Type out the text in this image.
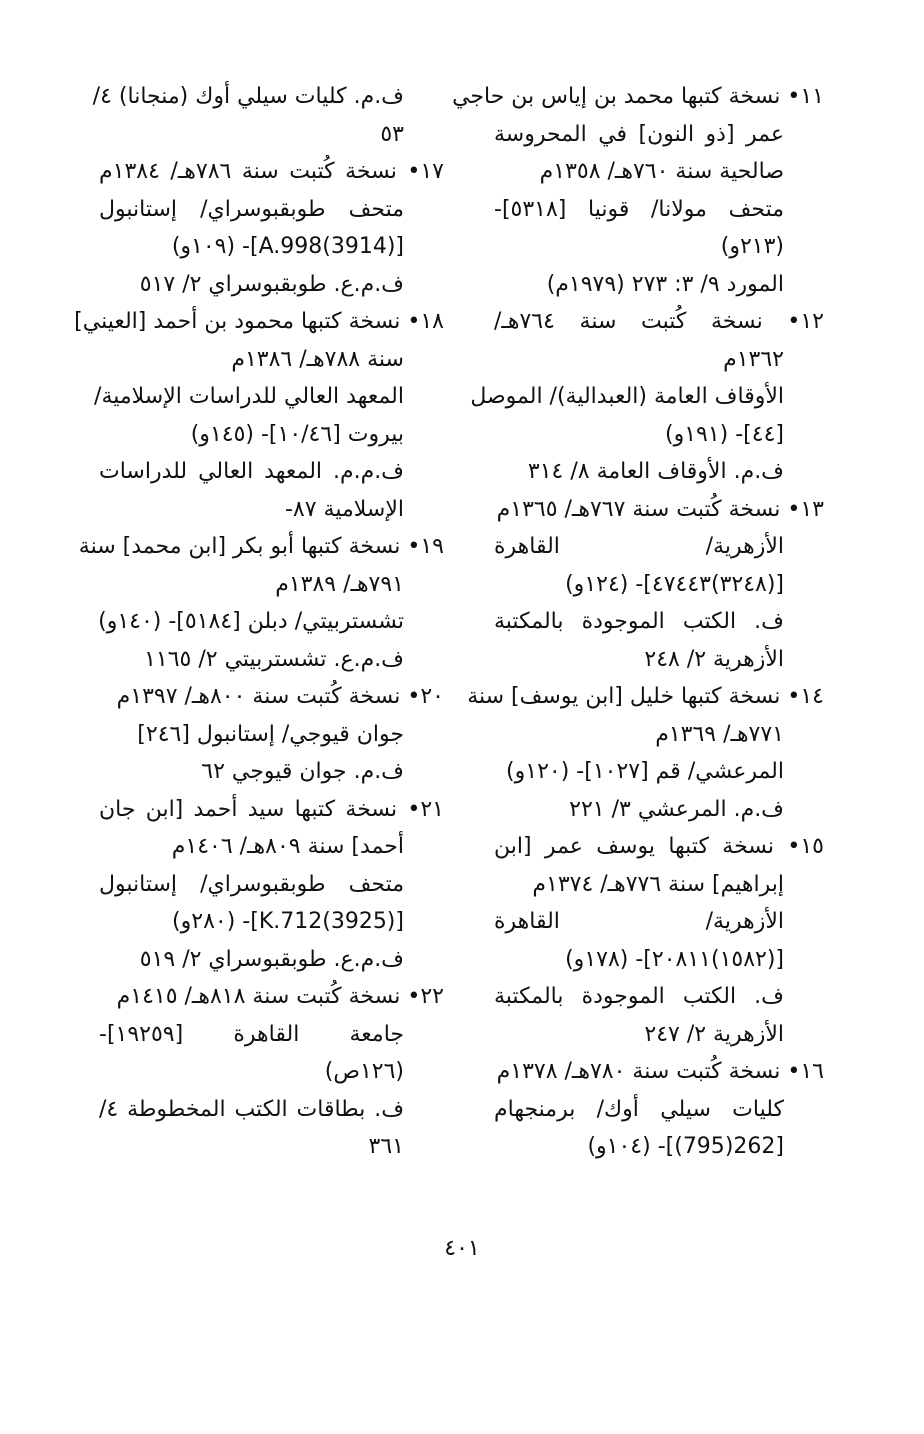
١١• نسخة كتبها محمد بن إياس بن حاجي
عمر [ذو النون] في المحروسة
صالحية سنة ٧٦٠هـ/ ١٣٥٨م
متحف مولانا/ قونيا [٥٣١٨]-
(٢١٣و)
المورد ٩/ ٣: ٢٧٣ (١٩٧٩م)
١٢• نسخة كُتبت سنة ٧٦٤هـ/
١٣٦٢م
الأوقاف العامة (العبدالية)/ الموصل
[٤٤]- (١٩١و)
ف.م. الأوقاف العامة ٨/ ٣١٤
١٣• نسخة كُتبت سنة ٧٦٧هـ/ ١٣٦٥م
الأزهرية/ القاهرة
[(٣٢٤٨)٤٧٤٤٣]- (١٢٤و)
ف. الكتب الموجودة بالمكتبة
الأزهرية ٢/ ٢٤٨
١٤• نسخة كتبها خليل [ابن يوسف] سنة
٧٧١هـ/ ١٣٦٩م
المرعشي/ قم [١٠٢٧]- (١٢٠و)
ف.م. المرعشي ٣/ ٢٢١
١٥• نسخة كتبها يوسف عمر [ابن
إبراهيم] سنة ٧٧٦هـ/ ١٣٧٤م
الأزهرية/ القاهرة
[(١٥٨٢)٢٠٨١١]- (١٧٨و)
ف. الكتب الموجودة بالمكتبة
الأزهرية ٢/ ٢٤٧
١٦• نسخة كُتبت سنة ٧٨٠هـ/ ١٣٧٨م
كليات سيلي أوك/ برمنجهام
[262(795)]- (١٠٤و)
ف.م. كليات سيلي أوك (منجانا) ٤/
٥٣
١٧• نسخة كُتبت سنة ٧٨٦هـ/ ١٣٨٤م
متحف طوبقبوسراي/ إستانبول
[A.998(3914)]- (١٠٩و)
ف.م.ع. طوبقبوسراي ٢/ ٥١٧
١٨• نسخة كتبها محمود بن أحمد [العيني]
سنة ٧٨٨هـ/ ١٣٨٦م
المعهد العالي للدراسات الإسلامية/
بيروت [١٠/٤٦]- (١٤٥و)
ف.م.م. المعهد العالي للدراسات
الإسلامية ٨٧-
١٩• نسخة كتبها أبو بكر [ابن محمد] سنة
٧٩١هـ/ ١٣٨٩م
تشستربيتي/ دبلن [٥١٨٤]- (١٤٠و)
ف.م.ع. تشستربيتي ٢/ ١١٦٥
٢٠• نسخة كُتبت سنة ٨٠٠هـ/ ١٣٩٧م
جوان قيوجي/ إستانبول [٢٤٦]
ف.م. جوان قيوجي ٦٢
٢١• نسخة كتبها سيد أحمد [ابن جان
أحمد] سنة ٨٠٩هـ/ ١٤٠٦م
متحف طوبقبوسراي/ إستانبول
[K.712(3925)]- (٢٨٠و)
ف.م.ع. طوبقبوسراي ٢/ ٥١٩
٢٢• نسخة كُتبت سنة ٨١٨هـ/ ١٤١٥م
جامعة القاهرة [١٩٢٥٩]-
(١٢٦ص)
ف. بطاقات الكتب المخطوطة ٤/
٣٦١
٤٠١
